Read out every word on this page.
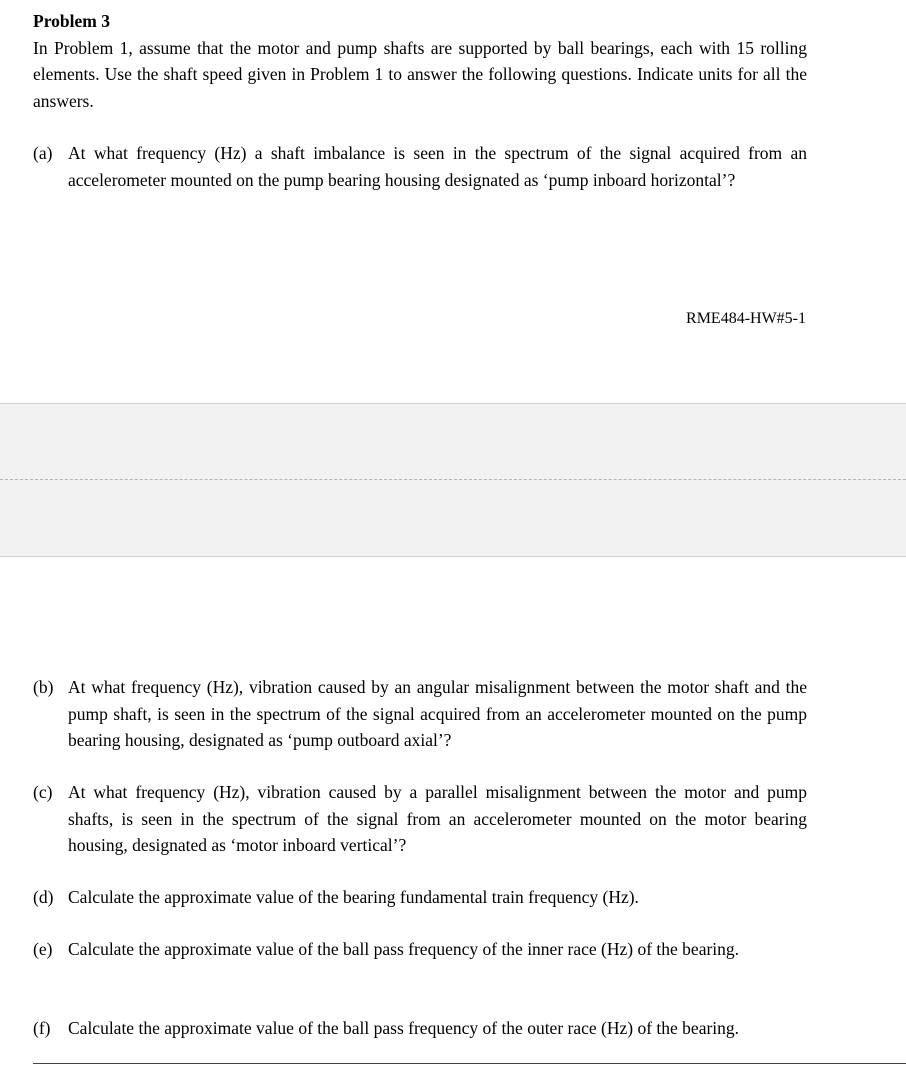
Problem 3

In Problem 1, assume that the motor and pump shafts are supported by ball bearings, each with 15 rolling elements. Use the shaft speed given in Problem 1 to answer the following questions. Indicate units for all the answers.

(a) At what frequency (Hz) a shaft imbalance is seen in the spectrum of the signal acquired from an accelerometer mounted on the pump bearing housing designated as ‘pump inboard horizontal’?
RME484-HW#5-1
(b) At what frequency (Hz), vibration caused by an angular misalignment between the motor shaft and the pump shaft, is seen in the spectrum of the signal acquired from an accelerometer mounted on the pump bearing housing, designated as ‘pump outboard axial’?
(c) At what frequency (Hz), vibration caused by a parallel misalignment between the motor and pump shafts, is seen in the spectrum of the signal from an accelerometer mounted on the motor bearing housing, designated as ‘motor inboard vertical’?
(d) Calculate the approximate value of the bearing fundamental train frequency (Hz).
(e) Calculate the approximate value of the ball pass frequency of the inner race (Hz) of the bearing.
(f) Calculate the approximate value of the ball pass frequency of the outer race (Hz) of the bearing.
